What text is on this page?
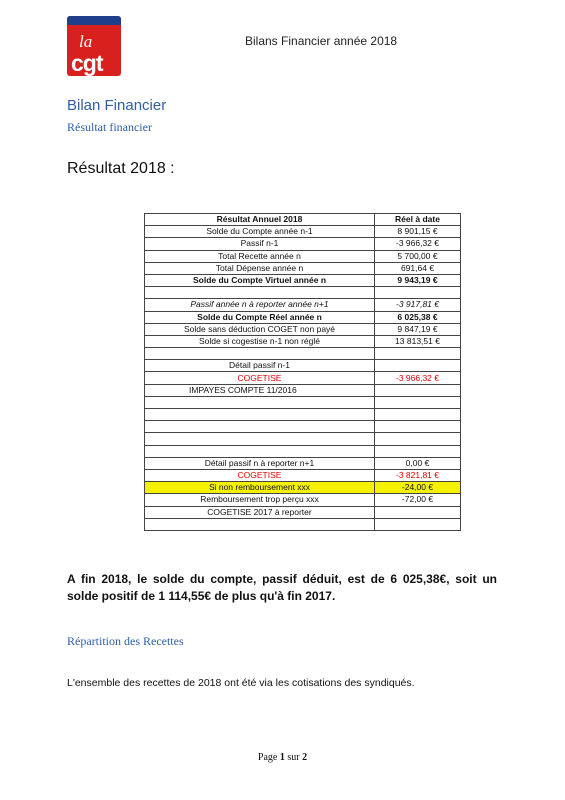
la
cgt
Bilans Financier année 2018
Bilan Financier
Résultat financier
Résultat 2018 :
Résultat Annuel 2018	Réel à date
Solde du Compte année n-1	8 901,15 €
Passif n-1	-3 966,32 €
Total Recette année n	5 700,00 €
Total Dépense année n	691,64 €
Solde du Compte Virtuel année n	9 943,19 €

Passif année n à reporter année n+1	-3 917,81 €
Solde du Compte Réel année n	6 025,38 €
Solde sans déduction COGET non payé	9 847,19 €
Solde si cogestise n-1 non réglé	13 813,51 €

Détail passif n-1	
COGETISE	-3 966,32 €
IMPAYES COMPTE 11/2016	

Détail passif n à reporter n+1	0,00 €
COGETISE	-3 821,81 €
Si non remboursement xxx	-24,00 €
Remboursement trop perçu xxx	-72,00 €
COGETISE 2017 à reporter	

A fin 2018, le solde du compte, passif déduit, est de 6 025,38€, soit un solde positif de 1 114,55€ de plus qu'à fin 2017.
Répartition des Recettes
L'ensemble des recettes de 2018 ont été via les cotisations des syndiqués.
Page 1 sur 2
